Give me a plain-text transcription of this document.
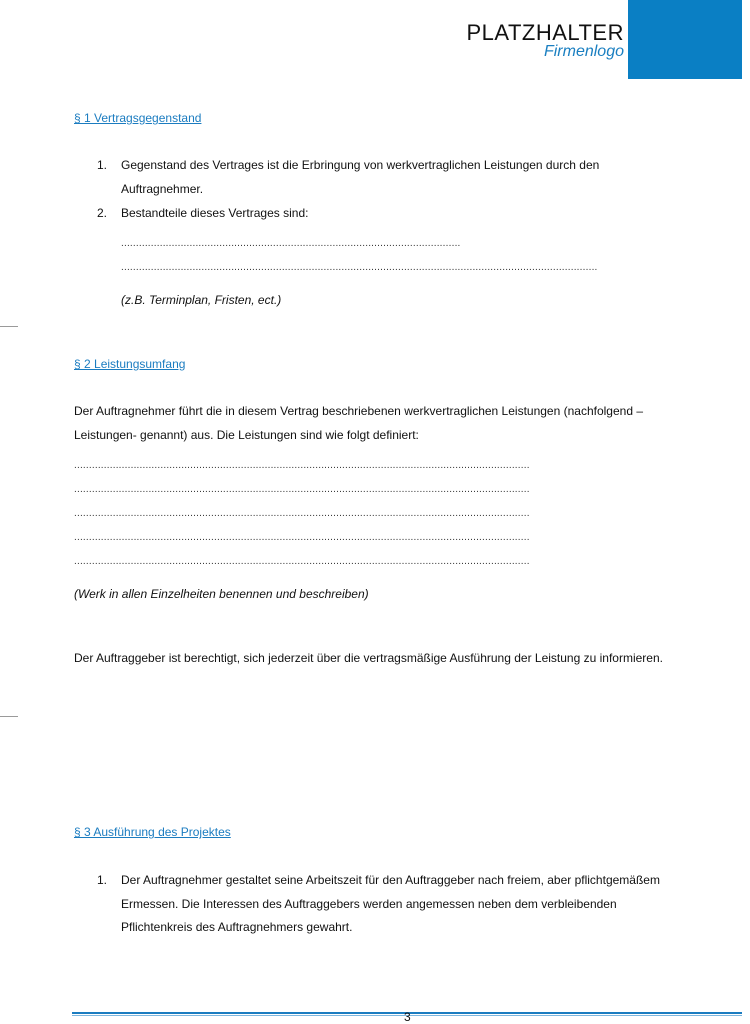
PLATZHALTER
Firmenlogo
§ 1 Vertragsgegenstand
1. Gegenstand des Vertrages ist die Erbringung von werkvertraglichen Leistungen durch den
Auftragnehmer.
2. Bestandteile dieses Vertrages sind:
..................................................................................................................
................................................................................................................................................................
(z.B. Terminplan, Fristen, ect.)
§ 2 Leistungsumfang
Der Auftragnehmer führt die in diesem Vertrag beschriebenen werkvertraglichen Leistungen (nachfolgend –
Leistungen- genannt) aus. Die Leistungen sind wie folgt definiert:
.........................................................................................................................................................
.........................................................................................................................................................
.........................................................................................................................................................
.........................................................................................................................................................
.........................................................................................................................................................
(Werk in allen Einzelheiten benennen und beschreiben)
Der Auftraggeber ist berechtigt, sich jederzeit über die vertragsmäßige Ausführung der Leistung zu informieren.
§ 3 Ausführung des Projektes
1. Der Auftragnehmer gestaltet seine Arbeitszeit für den Auftraggeber nach freiem, aber pflichtgemäßem
Ermessen. Die Interessen des Auftraggebers werden angemessen neben dem verbleibenden
Pflichtenkreis des Auftragnehmers gewahrt.
3
